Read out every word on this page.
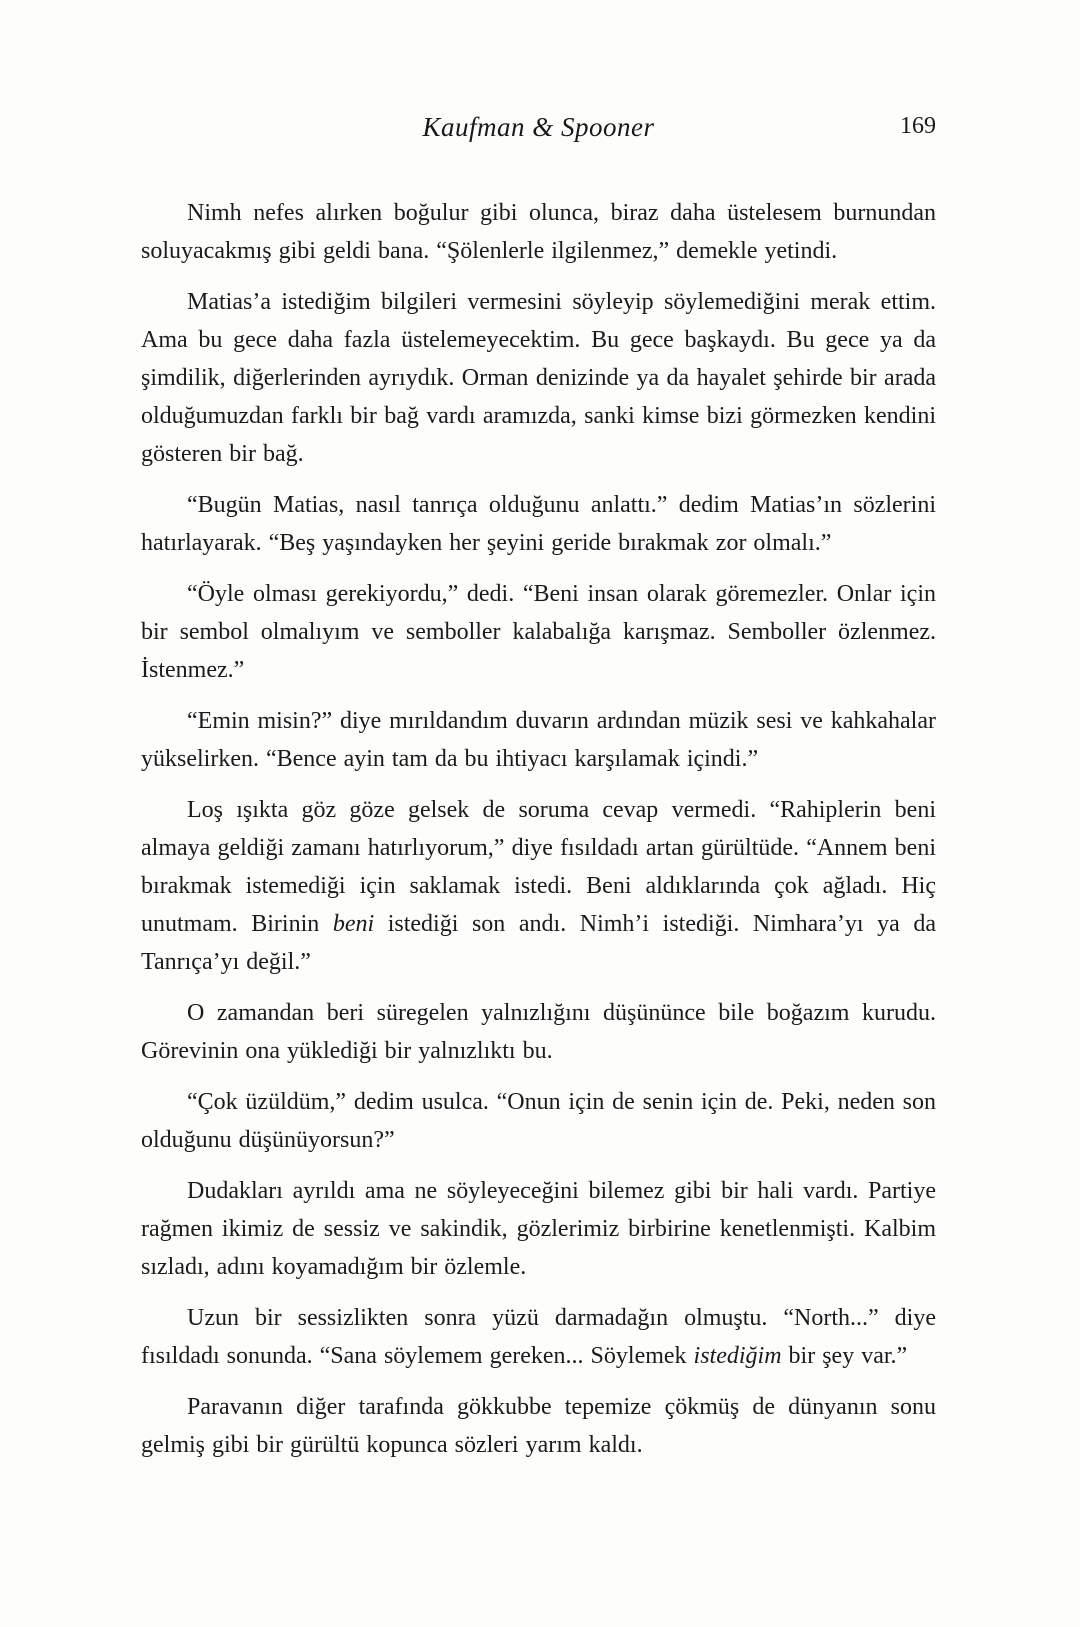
Kaufman & Spooner	169

Nimh nefes alırken boğulur gibi olunca, biraz daha üstelesem burnundan soluyacakmış gibi geldi bana. “Şölenlerle ilgilenmez,” demekle yetindi.

Matias’a istediğim bilgileri vermesini söyleyip söylemediğini merak ettim. Ama bu gece daha fazla üstelemeyecektim. Bu gece başkaydı. Bu gece ya da şimdilik, diğerlerinden ayrıydık. Orman denizinde ya da hayalet şehirde bir arada olduğumuzdan farklı bir bağ vardı aramızda, sanki kimse bizi görmezken kendini gösteren bir bağ.

“Bugün Matias, nasıl tanrıça olduğunu anlattı.” dedim Matias’ın sözlerini hatırlayarak. “Beş yaşındayken her şeyini geride bırakmak zor olmalı.”

“Öyle olması gerekiyordu,” dedi. “Beni insan olarak göremezler. Onlar için bir sembol olmalıyım ve semboller kalabalığa karışmaz. Semboller özlenmez. İstenmez.”

“Emin misin?” diye mırıldandım duvarın ardından müzik sesi ve kahkahalar yükselirken. “Bence ayin tam da bu ihtiyacı karşılamak içindi.”

Loş ışıkta göz göze gelsek de soruma cevap vermedi. “Rahiplerin beni almaya geldiği zamanı hatırlıyorum,” diye fısıldadı artan gürültüde. “Annem beni bırakmak istemediği için saklamak istedi. Beni aldıklarında çok ağladı. Hiç unutmam. Birinin beni istediği son andı. Nimh’i istediği. Nimhara’yı ya da Tanrıça’yı değil.”

O zamandan beri süregelen yalnızlığını düşününce bile boğazım kurudu. Görevinin ona yüklediği bir yalnızlıktı bu.

“Çok üzüldüm,” dedim usulca. “Onun için de senin için de. Peki, neden son olduğunu düşünüyorsun?”

Dudakları ayrıldı ama ne söyleyeceğini bilemez gibi bir hali vardı. Partiye rağmen ikimiz de sessiz ve sakindik, gözlerimiz birbirine kenetlenmişti. Kalbim sızladı, adını koyamadığım bir özlemle.

Uzun bir sessizlikten sonra yüzü darmadağın olmuştu. “North...” diye fısıldadı sonunda. “Sana söylemem gereken... Söylemek istediğim bir şey var.”

Paravanın diğer tarafında gökkubbe tepemize çökmüş de dünyanın sonu gelmiş gibi bir gürültü kopunca sözleri yarım kaldı.
